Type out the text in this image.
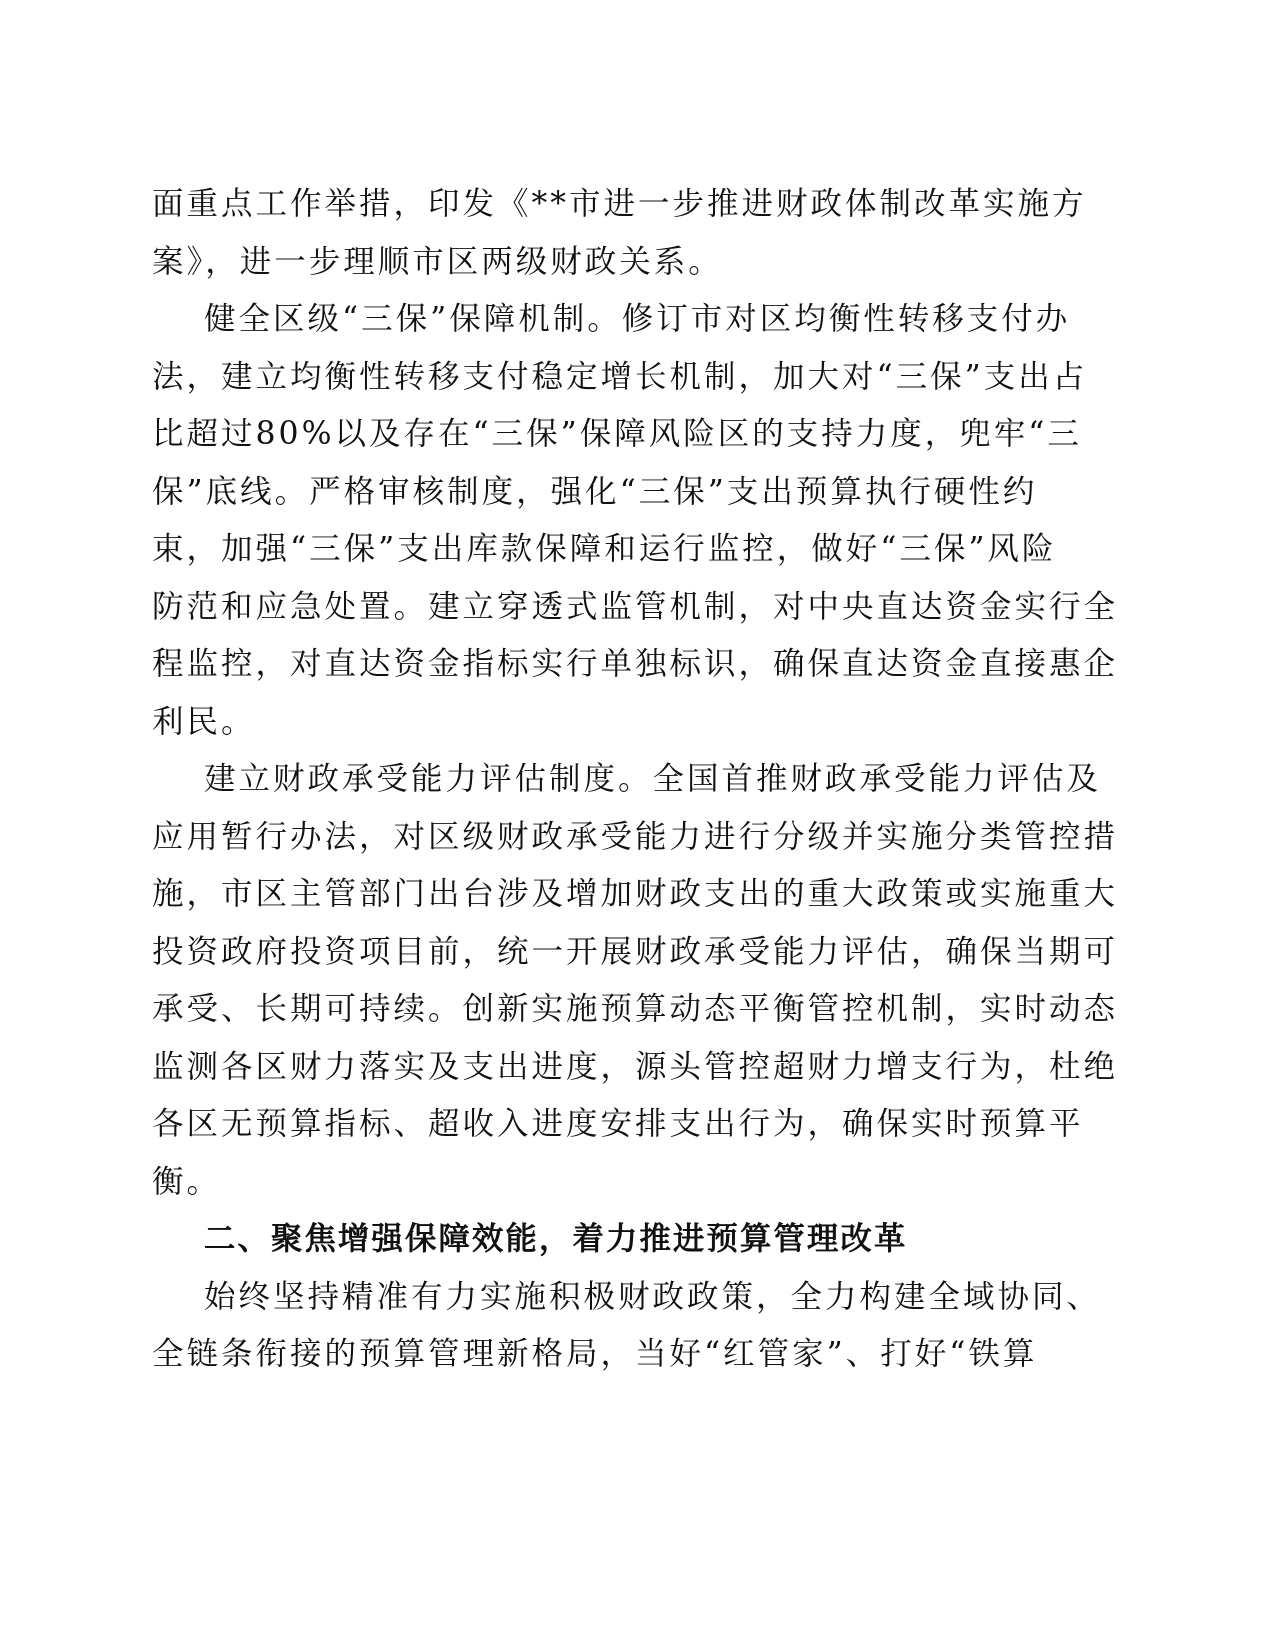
面重点工作举措，印发《**市进一步推进财政体制改革实施方
案》，进一步理顺市区两级财政关系。
健全区级“三保”保障机制。修订市对区均衡性转移支付办
法，建立均衡性转移支付稳定增长机制，加大对“三保”支出占
比超过80%以及存在“三保”保障风险区的支持力度，兜牢“三
保”底线。严格审核制度，强化“三保”支出预算执行硬性约
束，加强“三保”支出库款保障和运行监控，做好“三保”风险
防范和应急处置。建立穿透式监管机制，对中央直达资金实行全
程监控，对直达资金指标实行单独标识，确保直达资金直接惠企
利民。
建立财政承受能力评估制度。全国首推财政承受能力评估及
应用暂行办法，对区级财政承受能力进行分级并实施分类管控措
施，市区主管部门出台涉及增加财政支出的重大政策或实施重大
投资政府投资项目前，统一开展财政承受能力评估，确保当期可
承受、长期可持续。创新实施预算动态平衡管控机制，实时动态
监测各区财力落实及支出进度，源头管控超财力增支行为，杜绝
各区无预算指标、超收入进度安排支出行为，确保实时预算平
衡。
二、聚焦增强保障效能，着力推进预算管理改革
始终坚持精准有力实施积极财政政策，全力构建全域协同、
全链条衔接的预算管理新格局，当好“红管家”、打好“铁算
